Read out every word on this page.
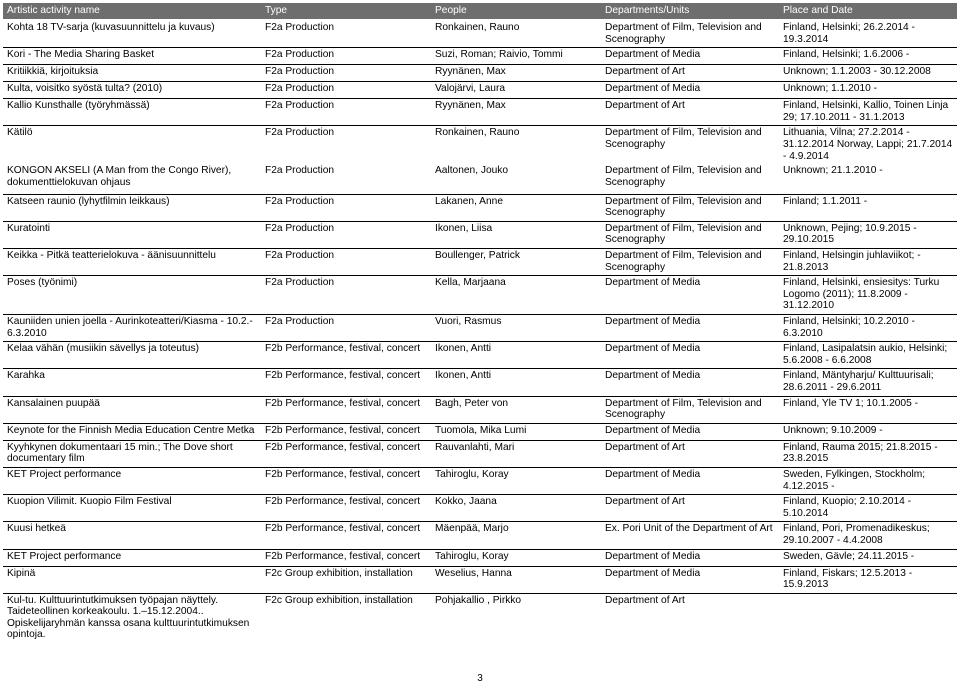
Artistic activity name	Type	People	Departments/Units	Place and Date
Kohta 18 TV-sarja (kuvasuunnittelu ja kuvaus)	F2a Production	Ronkainen, Rauno	Department of Film, Television and Scenography	Finland, Helsinki; 26.2.2014 - 19.3.2014
Kori - The Media Sharing Basket	F2a Production	Suzi, Roman; Raivio, Tommi	Department of Media	Finland, Helsinki; 1.6.2006 -
Kritiikkiä, kirjoituksia	F2a Production	Ryynänen, Max	Department of Art	Unknown; 1.1.2003 - 30.12.2008
Kulta, voisitko syöstä tulta? (2010)	F2a Production	Valojärvi, Laura	Department of Media	Unknown; 1.1.2010 -
Kallio Kunsthalle (työryhmässä)	F2a Production	Ryynänen, Max	Department of Art	Finland, Helsinki, Kallio, Toinen Linja 29; 17.10.2011 - 31.1.2013
Kätilö	F2a Production	Ronkainen, Rauno	Department of Film, Television and Scenography	Lithuania, Vilna; 27.2.2014 - 31.12.2014 Norway, Lappi; 21.7.2014 - 4.9.2014
KONGON AKSELI (A Man from the Congo River), dokumenttielokuvan ohjaus	F2a Production	Aaltonen, Jouko	Department of Film, Television and Scenography	Unknown; 21.1.2010 -
Katseen raunio (lyhytfilmin leikkaus)	F2a Production	Lakanen, Anne	Department of Film, Television and Scenography	Finland; 1.1.2011 -
Kuratointi	F2a Production	Ikonen, Liisa	Department of Film, Television and Scenography	Unknown, Pejing; 10.9.2015 - 29.10.2015
Keikka - Pitkä teatterielokuva - äänisuunnittelu	F2a Production	Boullenger, Patrick	Department of Film, Television and Scenography	Finland, Helsingin juhlaviikot; - 21.8.2013
Poses (työnimi)	F2a Production	Kella, Marjaana	Department of Media	Finland, Helsinki, ensiesitys: Turku Logomo (2011); 11.8.2009 - 31.12.2010
Kauniiden unien joella - Aurinkoteatteri/Kiasma - 10.2.- 6.3.2010	F2a Production	Vuori, Rasmus	Department of Media	Finland, Helsinki; 10.2.2010 - 6.3.2010
Kelaa vähän (musiikin sävellys ja toteutus)	F2b Performance, festival, concert	Ikonen, Antti	Department of Media	Finland, Lasipalatsin aukio, Helsinki; 5.6.2008 - 6.6.2008
Karahka	F2b Performance, festival, concert	Ikonen, Antti	Department of Media	Finland, Mäntyharju/ Kulttuurisali; 28.6.2011 - 29.6.2011
Kansalainen puupää	F2b Performance, festival, concert	Bagh, Peter von	Department of Film, Television and Scenography	Finland, Yle TV 1; 10.1.2005 -
Keynote for the Finnish Media Education Centre Metka	F2b Performance, festival, concert	Tuomola, Mika Lumi	Department of Media	Unknown; 9.10.2009 -
Kyyhkynen dokumentaari 15 min.; The Dove short documentary film	F2b Performance, festival, concert	Rauvanlahti, Mari	Department of Art	Finland, Rauma 2015; 21.8.2015 - 23.8.2015
KET Project performance	F2b Performance, festival, concert	Tahiroglu, Koray	Department of Media	Sweden, Fylkingen, Stockholm; 4.12.2015 -
Kuopion Vilimit. Kuopio Film Festival	F2b Performance, festival, concert	Kokko, Jaana	Department of Art	Finland, Kuopio; 2.10.2014 - 5.10.2014
Kuusi hetkeä	F2b Performance, festival, concert	Mäenpää, Marjo	Ex. Pori Unit of the Department of Art	Finland, Pori, Promenadikeskus; 29.10.2007 - 4.4.2008
KET Project performance	F2b Performance, festival, concert	Tahiroglu, Koray	Department of Media	Sweden, Gävle; 24.11.2015 -
Kipinä	F2c Group exhibition, installation	Weselius, Hanna	Department of Media	Finland, Fiskars; 12.5.2013 - 15.9.2013
Kul-tu. Kulttuurintutkimuksen työpajan näyttely. Taideteollinen korkeakoulu. 1.–15.12.2004.. Opiskelijaryhmän kanssa osana kulttuurintutkimuksen opintoja.	F2c Group exhibition, installation	Pohjakallio , Pirkko	Department of Art	
3
